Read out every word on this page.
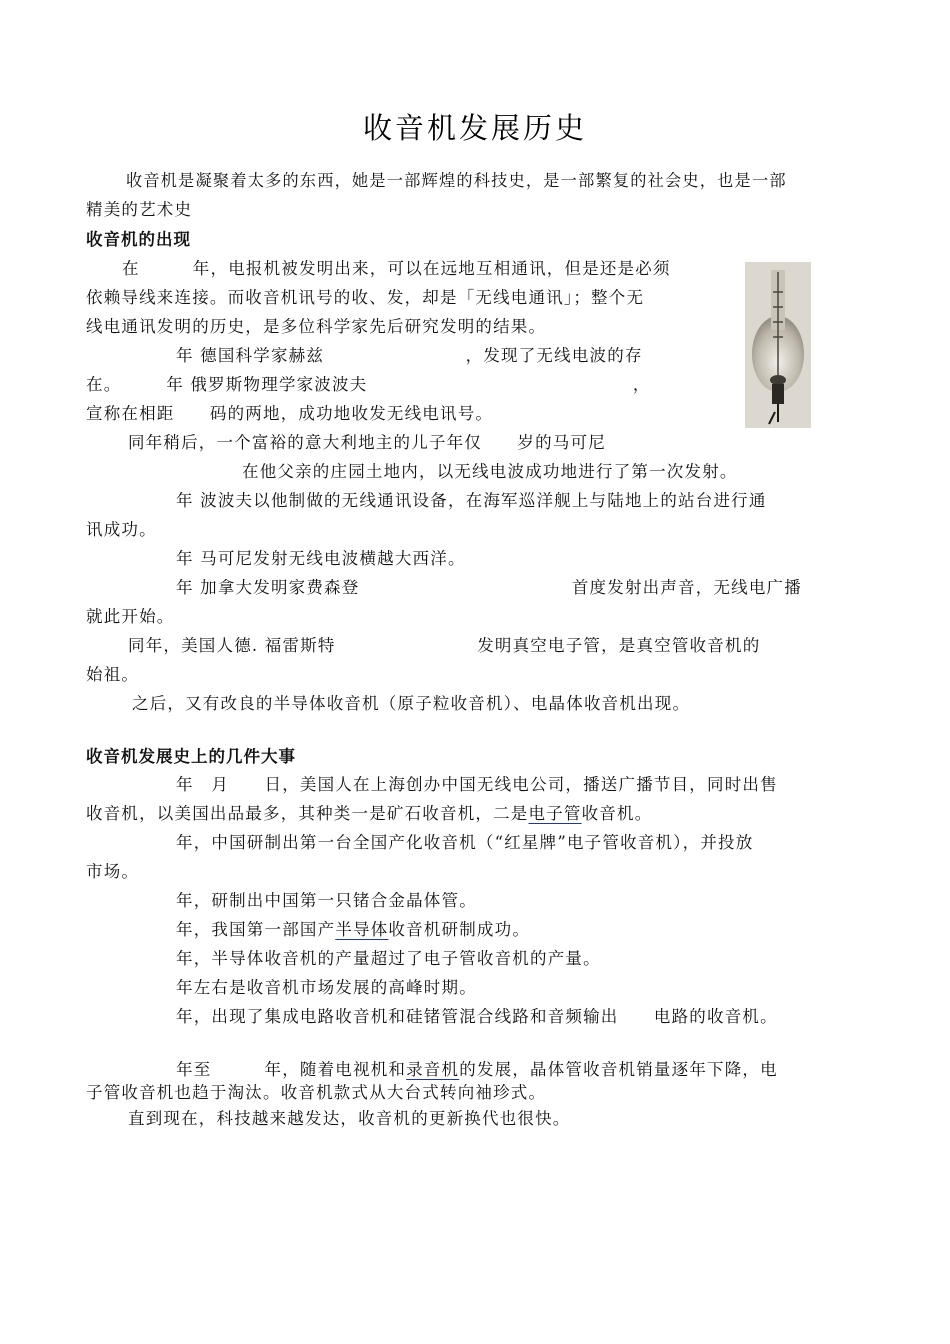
收音机发展历史
收音机是凝聚着太多的东西，她是一部辉煌的科技史，是一部繁复的社会史，也是一部
精美的艺术史
收音机的出现
在　　　年，电报机被发明出来，可以在远地互相通讯，但是还是必须
依赖导线来连接。而收音机讯号的收、发，却是「无线电通讯」；整个无
线电通讯发明的历史，是多位科学家先后研究发明的结果。
年 德国科学家赫兹　　　　　　　　，发现了无线电波的存
在。　　　年 俄罗斯物理学家波波夫　　　　　　　　　　　　　　　，
宣称在相距　　码的两地，成功地收发无线电讯号。
同年稍后，一个富裕的意大利地主的儿子年仅　　岁的马可尼
在他父亲的庄园土地内，以无线电波成功地进行了第一次发射。
年 波波夫以他制做的无线通讯设备，在海军巡洋舰上与陆地上的站台进行通
讯成功。
年 马可尼发射无线电波横越大西洋。
年 加拿大发明家费森登　　　　　　　　　　　　首度发射出声音，无线电广播
就此开始。
同年，美国人德. 福雷斯特　　　　　　　　发明真空电子管，是真空管收音机的
始祖。
之后，又有改良的半导体收音机（原子粒收音机）、电晶体收音机出现。
收音机发展史上的几件大事
年　月　　日，美国人在上海创办中国无线电公司，播送广播节目，同时出售
收音机，以美国出品最多，其种类一是矿石收音机，二是电子管收音机。
年，中国研制出第一台全国产化收音机（“红星牌”电子管收音机），并投放
市场。
年，研制出中国第一只锗合金晶体管。
年，我国第一部国产半导体收音机研制成功。
年，半导体收音机的产量超过了电子管收音机的产量。
年左右是收音机市场发展的高峰时期。
年，出现了集成电路收音机和硅锗管混合线路和音频输出　　电路的收音机。
年至　　　年，随着电视机和录音机的发展，晶体管收音机销量逐年下降，电
子管收音机也趋于淘汰。收音机款式从大台式转向袖珍式。
直到现在，科技越来越发达，收音机的更新换代也很快。
